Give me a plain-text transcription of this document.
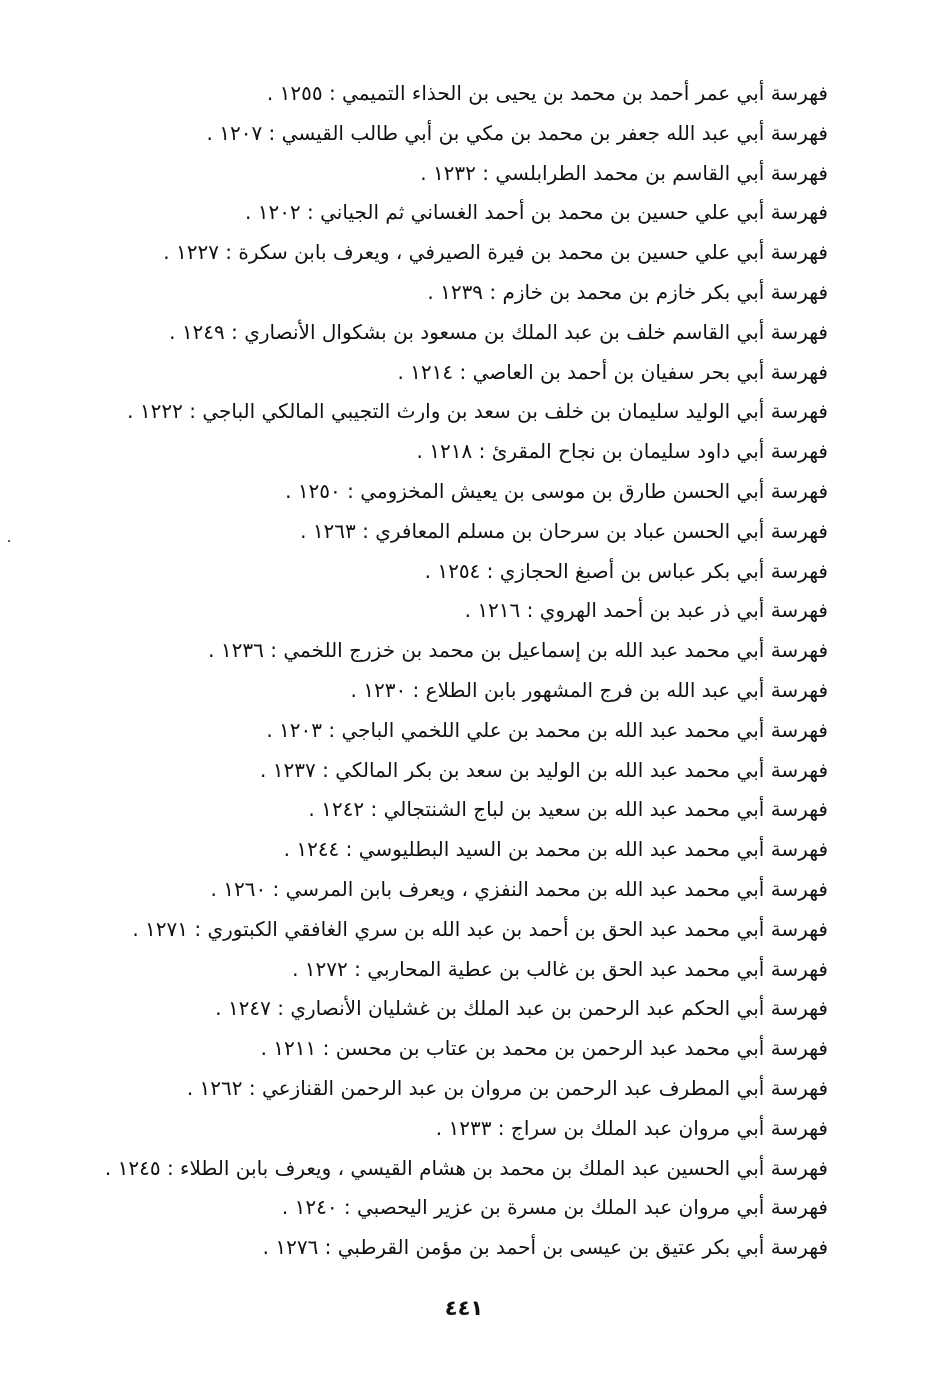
فهرسة أبي عمر أحمد بن محمد بن يحيى بن الحذاء التميمي : ١٢٥٥ .
فهرسة أبي عبد الله جعفر بن محمد بن مكي بن أبي طالب القيسي : ١٢٠٧ .
فهرسة أبي القاسم بن محمد الطرابلسي : ١٢٣٢ .
فهرسة أبي علي حسين بن محمد بن أحمد الغساني ثم الجياني : ١٢٠٢ .
فهرسة أبي علي حسين بن محمد بن فيرة الصيرفي ، ويعرف بابن سكرة : ١٢٢٧ .
فهرسة أبي بكر خازم بن محمد بن خازم : ١٢٣٩ .
فهرسة أبي القاسم خلف بن عبد الملك بن مسعود بن بشكوال الأنصاري : ١٢٤٩ .
فهرسة أبي بحر سفيان بن أحمد بن العاصي : ١٢١٤ .
فهرسة أبي الوليد سليمان بن خلف بن سعد بن وارث التجيبي المالكي الباجي : ١٢٢٢ .
فهرسة أبي داود سليمان بن نجاح المقرئ : ١٢١٨ .
فهرسة أبي الحسن طارق بن موسى بن يعيش المخزومي : ١٢٥٠ .
فهرسة أبي الحسن عباد بن سرحان بن مسلم المعافري : ١٢٦٣ .
فهرسة أبي بكر عباس بن أصبغ الحجازي : ١٢٥٤ .
فهرسة أبي ذر عبد بن أحمد الهروي : ١٢١٦ .
فهرسة أبي محمد عبد الله بن إسماعيل بن محمد بن خزرج اللخمي : ١٢٣٦ .
فهرسة أبي عبد الله بن فرج المشهور بابن الطلاع : ١٢٣٠ .
فهرسة أبي محمد عبد الله بن محمد بن علي اللخمي الباجي : ١٢٠٣ .
فهرسة أبي محمد عبد الله بن الوليد بن سعد بن بكر المالكي : ١٢٣٧ .
فهرسة أبي محمد عبد الله بن سعيد بن لباج الشنتجالي : ١٢٤٢ .
فهرسة أبي محمد عبد الله بن محمد بن السيد البطليوسي : ١٢٤٤ .
فهرسة أبي محمد عبد الله بن محمد النفزي ، ويعرف بابن المرسي : ١٢٦٠ .
فهرسة أبي محمد عبد الحق بن أحمد بن عبد الله بن سري الغافقي الكبتوري : ١٢٧١ .
فهرسة أبي محمد عبد الحق بن غالب بن عطية المحاربي : ١٢٧٢ .
فهرسة أبي الحكم عبد الرحمن بن عبد الملك بن غشليان الأنصاري : ١٢٤٧ .
فهرسة أبي محمد عبد الرحمن بن محمد بن عتاب بن محسن : ١٢١١ .
فهرسة أبي المطرف عبد الرحمن بن مروان بن عبد الرحمن القنازعي : ١٢٦٢ .
فهرسة أبي مروان عبد الملك بن سراج : ١٢٣٣ .
فهرسة أبي الحسين عبد الملك بن محمد بن هشام القيسي ، ويعرف بابن الطلاء : ١٢٤٥ .
فهرسة أبي مروان عبد الملك بن مسرة بن عزير اليحصبي : ١٢٤٠ .
فهرسة أبي بكر عتيق بن عيسى بن أحمد بن مؤمن القرطبي : ١٢٧٦ .
٤٤١
